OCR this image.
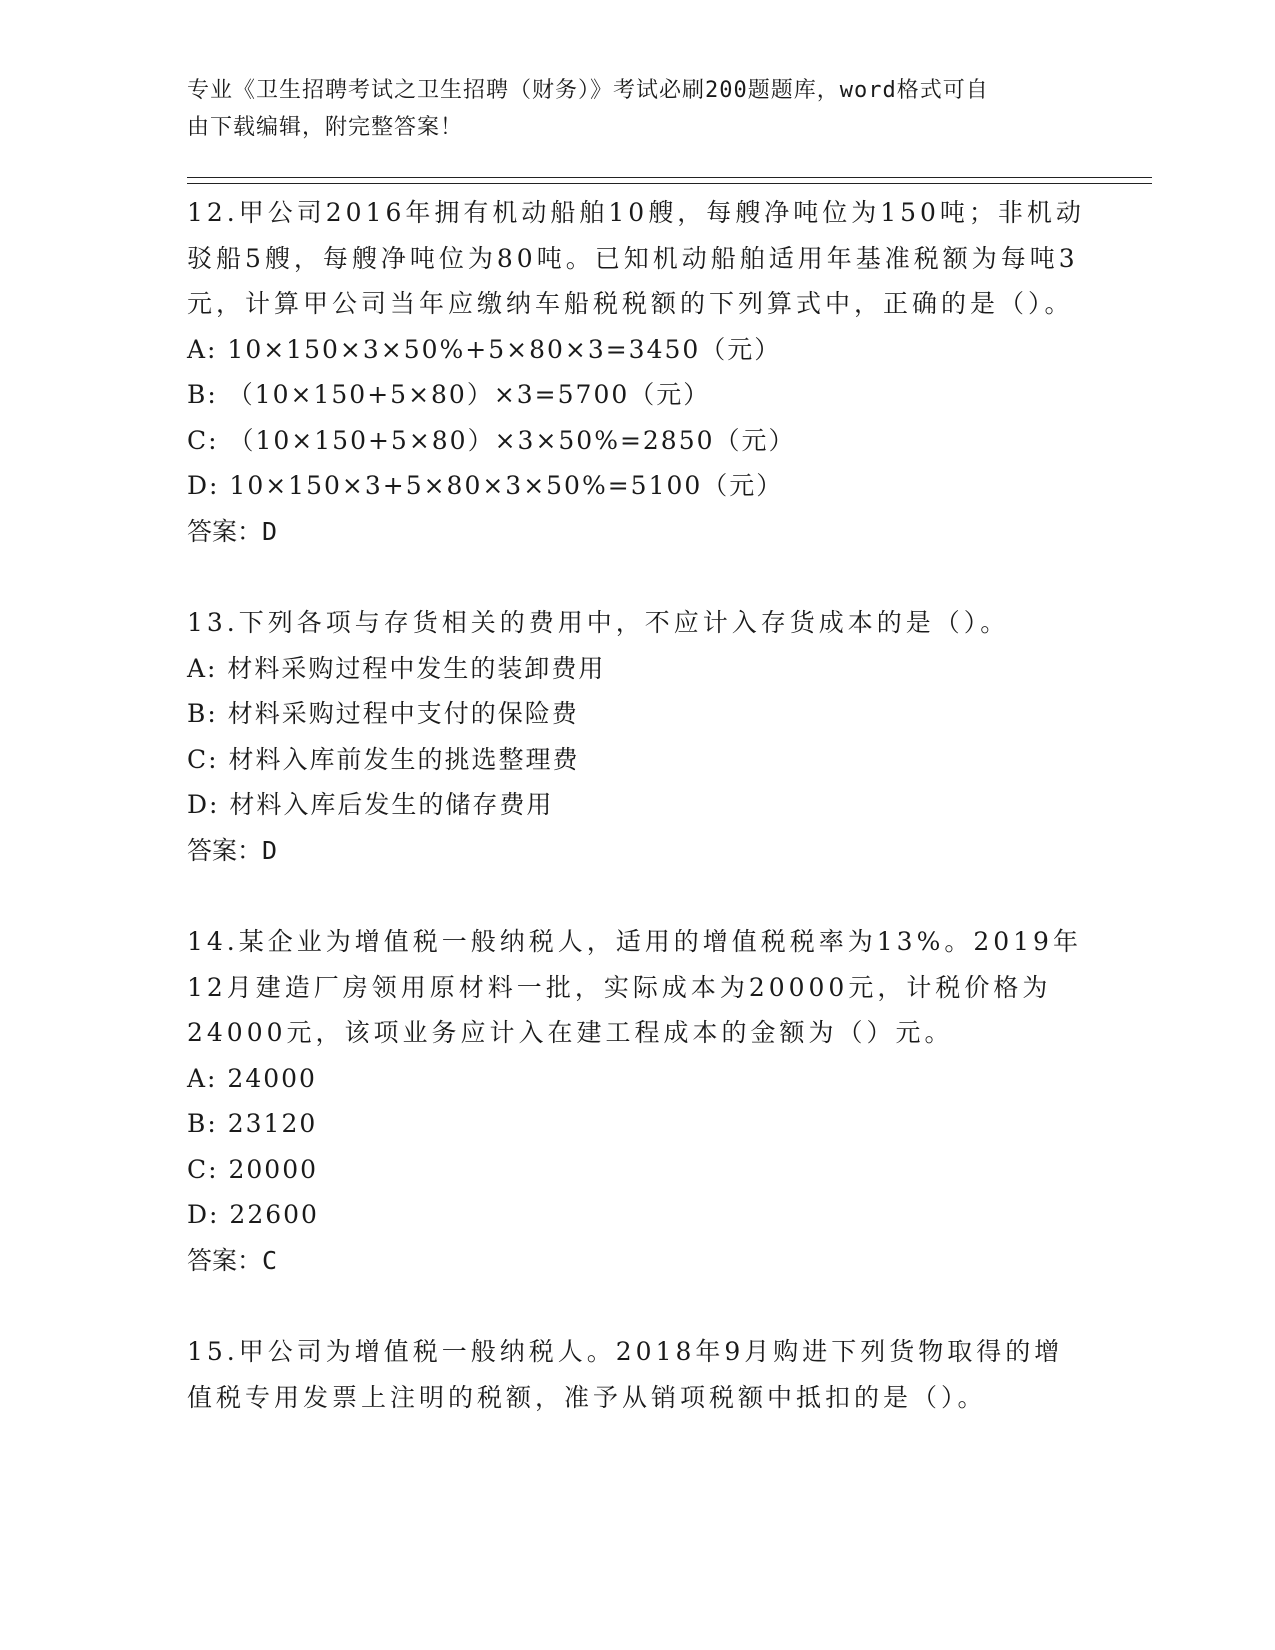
专业《卫生招聘考试之卫生招聘（财务）》考试必刷200题题库，word格式可自
由下载编辑，附完整答案！

12.甲公司2016年拥有机动船舶10艘，每艘净吨位为150吨；非机动驳船5艘，每艘净吨位为80吨。已知机动船舶适用年基准税额为每吨3元，计算甲公司当年应缴纳车船税税额的下列算式中，正确的是（）。

A: 10×150×3×50%+5×80×3=3450（元）

B: （10×150+5×80）×3=5700（元）

C: （10×150+5×80）×3×50%=2850（元）

D: 10×150×3+5×80×3×50%=5100（元）

答案：D

13.下列各项与存货相关的费用中，不应计入存货成本的是（）。

A: 材料采购过程中发生的装卸费用

B: 材料采购过程中支付的保险费

C: 材料入库前发生的挑选整理费

D: 材料入库后发生的储存费用

答案：D

14.某企业为增值税一般纳税人，适用的增值税税率为13%。2019年12月建造厂房领用原材料一批，实际成本为20000元，计税价格为24000元，该项业务应计入在建工程成本的金额为（）元。

A: 24000

B: 23120

C: 20000

D: 22600

答案：C

15.甲公司为增值税一般纳税人。2018年9月购进下列货物取得的增值税专用发票上注明的税额，准予从销项税额中抵扣的是（）。
